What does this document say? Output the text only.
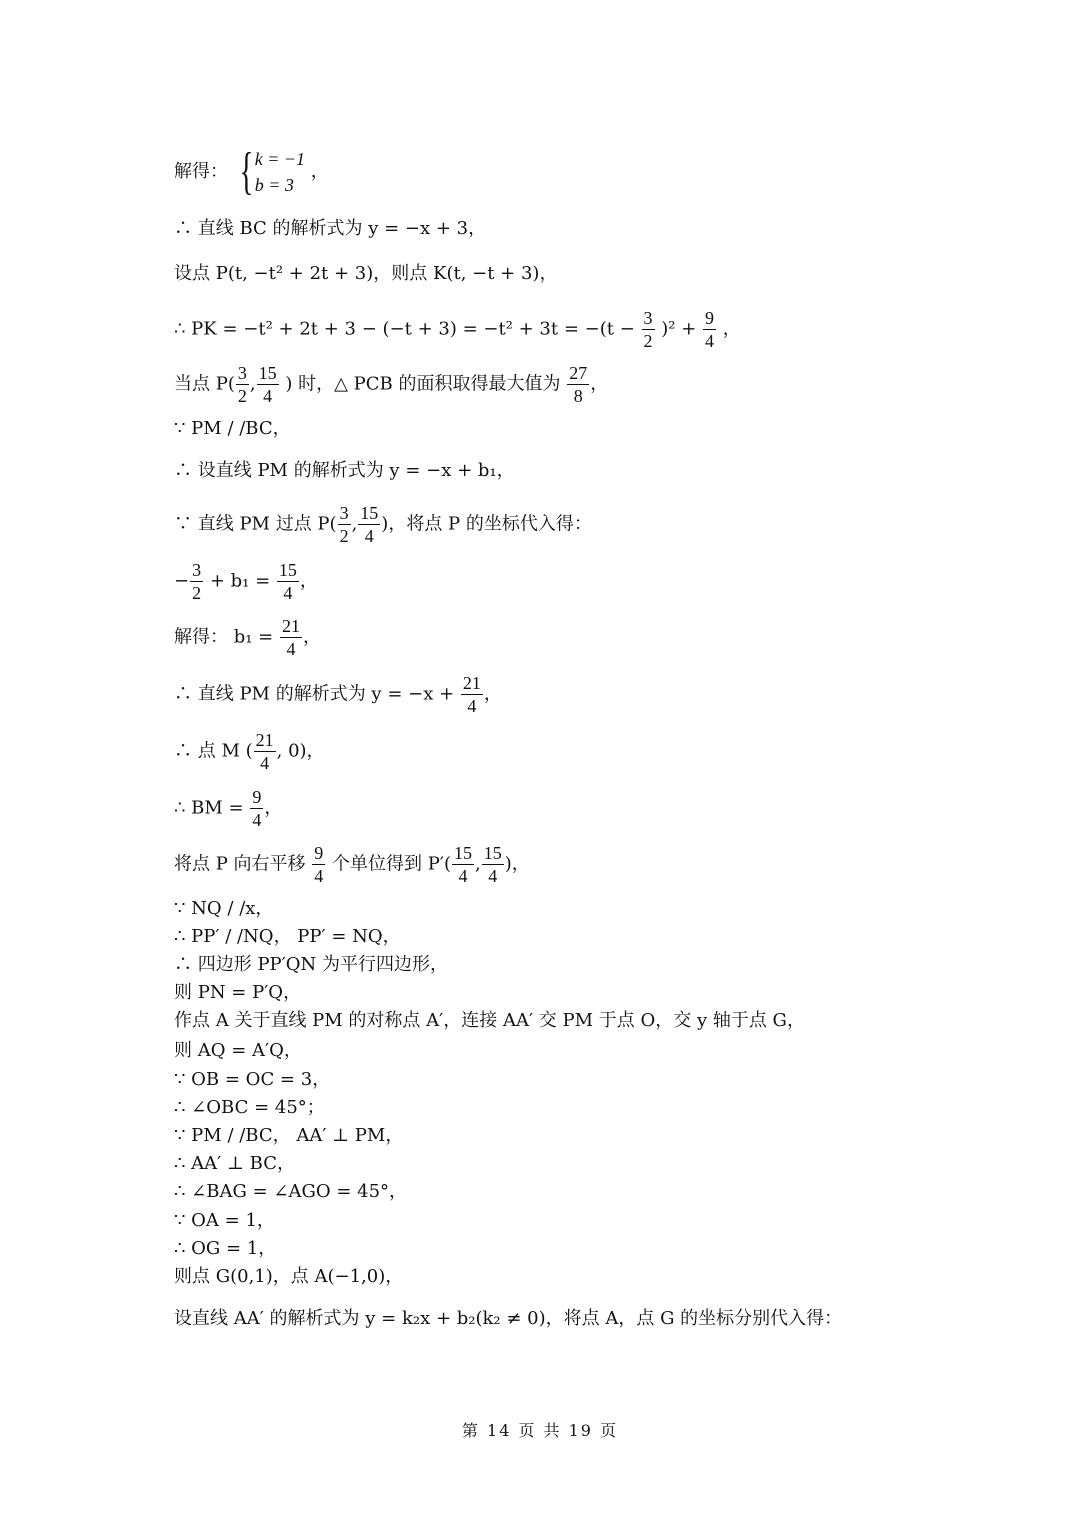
解得： { k = −1
b = 3
，
∴ 直线 BC 的解析式为 y = −x + 3，
设点 P(t, −t² + 2t + 3)，则点 K(t, −t + 3)，
∴ PK = $-t^2 + 2t + 3 - (-t + 3) = -t^2 + 3t = -(t - \frac{3}{2} )^2 + \frac{9}{4}$ ，
当点 $P( \frac{3}{2}$ , $\frac{15}{4}$ ) 时，△ PCB 的面积取得最大值为 $\frac{27}{8}$ ，
∵ PM / /BC，
∴ 设直线 PM 的解析式为 y = −x + b₁，
∵ 直线 PM 过点 $P( \frac{3}{2}$ , $\frac{15}{4}$ )，将点 P 的坐标代入得：
− $\frac{3}{2} + b_1 = \frac{15}{4}$ ，
解得： $b_1 = \frac{21}{4}$ ，
∴ 直线 PM 的解析式为 $y = -x + \frac{21}{4}$ ，
∴ 点 M ( $\frac{21}{4}$ , 0)，
∴ BM = $\frac{9}{4}$ ，
将点 P 向右平移 $\frac{9}{4}$ 个单位得到 $P'( \frac{15}{4}$ , $\frac{15}{4}$ )，
∵ NQ / /x，
∴ PP′ / /NQ， PP′ = NQ，
∴ 四边形 PP′QN 为平行四边形，
则 PN = P′Q，
作点 A 关于直线 PM 的对称点 A′，连接 AA′ 交 PM 于点 O，交 y 轴于点 G，
则 AQ = A′Q，
∵ OB = OC = 3，
∴ ∠OBC = 45°；
∵ PM / /BC， AA′ ⊥ PM，
∴ AA′ ⊥ BC，
∴ ∠BAG = ∠AGO = 45°，
∵ OA = 1，
∴ OG = 1，
则点 G(0,1)，点 A(−1,0)，
设直线 AA′ 的解析式为 y = k₂x + b₂(k₂ ≠ 0)，将点 A，点 G 的坐标分别代入得：
第 14 页 共 19 页
